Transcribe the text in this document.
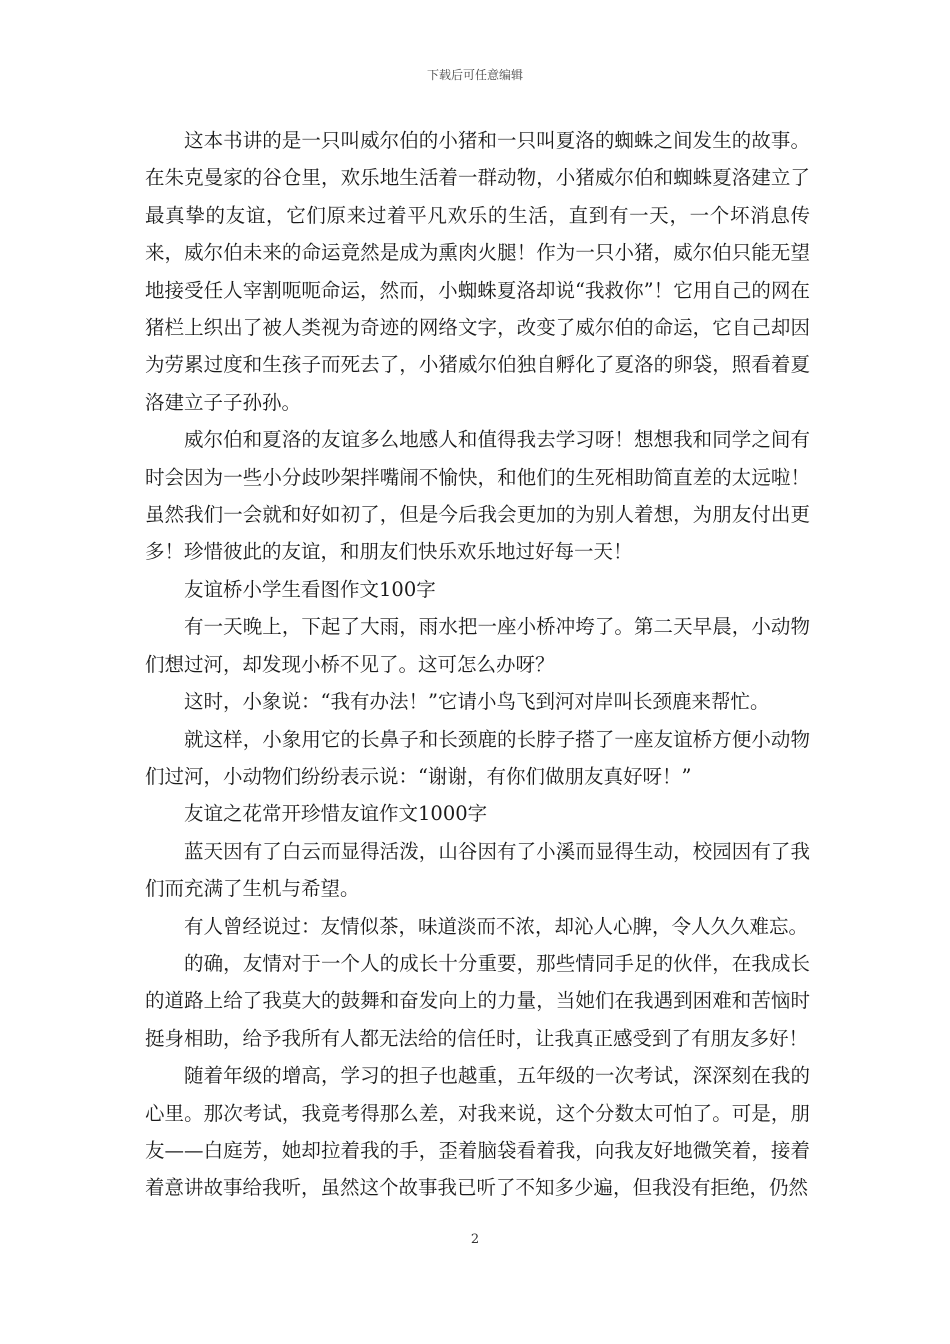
下载后可任意编辑

这本书讲的是一只叫威尔伯的小猪和一只叫夏洛的蜘蛛之间发生的故事。在朱克曼家的谷仓里，欢乐地生活着一群动物，小猪威尔伯和蜘蛛夏洛建立了最真挚的友谊，它们原来过着平凡欢乐的生活，直到有一天，一个坏消息传来，威尔伯未来的命运竟然是成为熏肉火腿！作为一只小猪，威尔伯只能无望地接受任人宰割呃呃命运，然而，小蜘蛛夏洛却说“我救你”！它用自己的网在猪栏上织出了被人类视为奇迹的网络文字，改变了威尔伯的命运，它自己却因为劳累过度和生孩子而死去了，小猪威尔伯独自孵化了夏洛的卵袋，照看着夏洛建立子子孙孙。

威尔伯和夏洛的友谊多么地感人和值得我去学习呀！想想我和同学之间有时会因为一些小分歧吵架拌嘴闹不愉快，和他们的生死相助简直差的太远啦！虽然我们一会就和好如初了，但是今后我会更加的为别人着想，为朋友付出更多！珍惜彼此的友谊，和朋友们快乐欢乐地过好每一天！

友谊桥小学生看图作文100字

有一天晚上，下起了大雨，雨水把一座小桥冲垮了。第二天早晨，小动物们想过河，却发现小桥不见了。这可怎么办呀？

这时，小象说：“我有办法！”它请小鸟飞到河对岸叫长颈鹿来帮忙。

就这样，小象用它的长鼻子和长颈鹿的长脖子搭了一座友谊桥方便小动物们过河，小动物们纷纷表示说：“谢谢，有你们做朋友真好呀！”

友谊之花常开珍惜友谊作文1000字

蓝天因有了白云而显得活泼，山谷因有了小溪而显得生动，校园因有了我们而充满了生机与希望。

有人曾经说过：友情似茶，味道淡而不浓，却沁人心脾，令人久久难忘。

的确，友情对于一个人的成长十分重要，那些情同手足的伙伴，在我成长的道路上给了我莫大的鼓舞和奋发向上的力量，当她们在我遇到困难和苦恼时挺身相助，给予我所有人都无法给的信任时，让我真正感受到了有朋友多好！

随着年级的增高，学习的担子也越重，五年级的一次考试，深深刻在我的心里。那次考试，我竟考得那么差，对我来说，这个分数太可怕了。可是，朋友——白庭芳，她却拉着我的手，歪着脑袋看着我，向我友好地微笑着，接着着意讲故事给我听，虽然这个故事我已听了不知多少遍，但我没有拒绝，仍然

2
